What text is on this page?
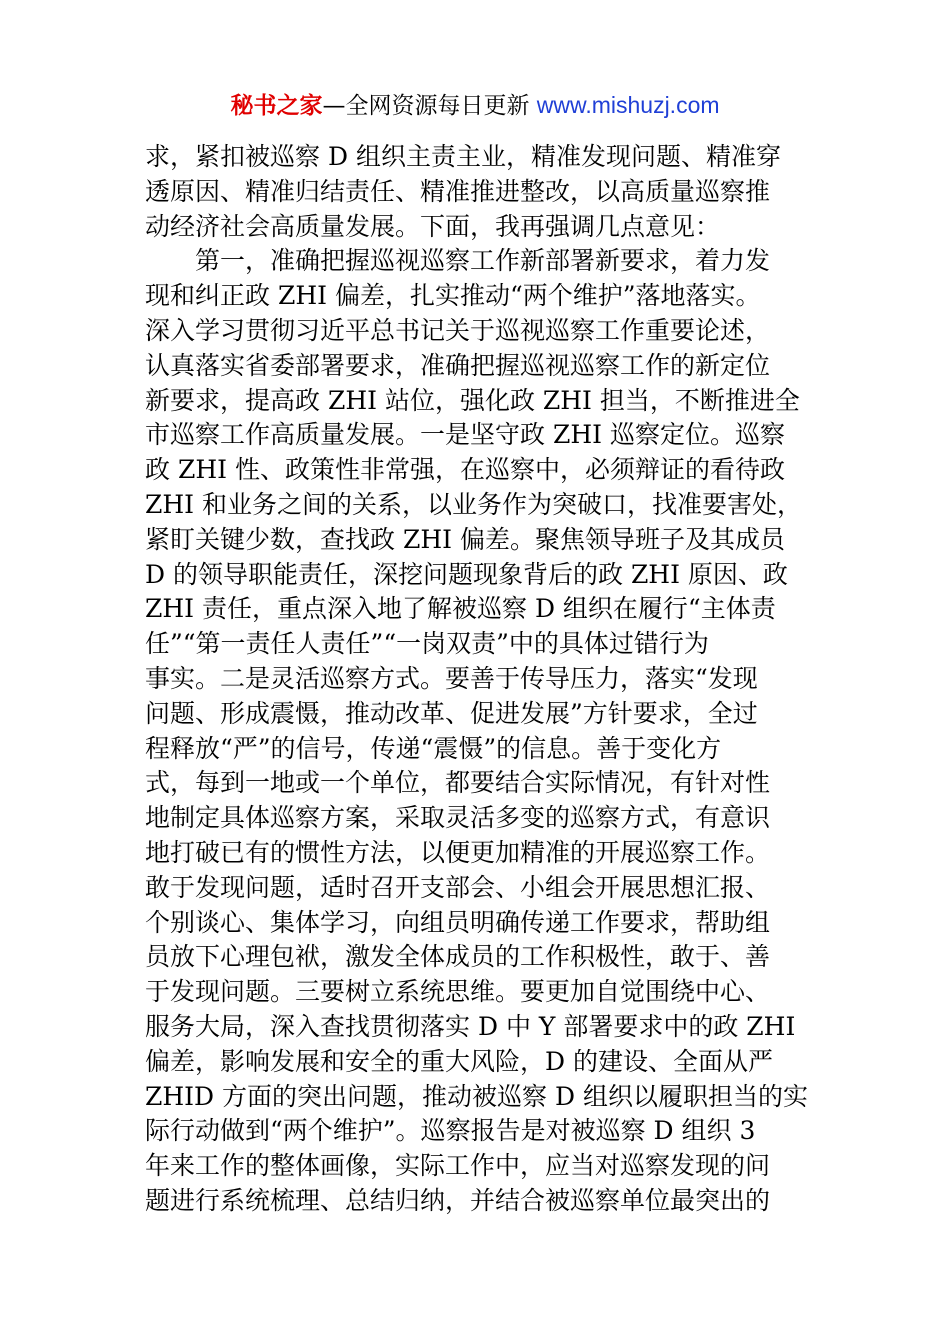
秘书之家—全网资源每日更新 www.mishuzj.com
求，紧扣被巡察 D 组织主责主业，精准发现问题、精准穿
透原因、精准归结责任、精准推进整改，以高质量巡察推
动经济社会高质量发展。下面，我再强调几点意见：
　　第一，准确把握巡视巡察工作新部署新要求，着力发
现和纠正政 ZHI 偏差，扎实推动“两个维护”落地落实。
深入学习贯彻习近平总书记关于巡视巡察工作重要论述，
认真落实省委部署要求，准确把握巡视巡察工作的新定位
新要求，提高政 ZHI 站位，强化政 ZHI 担当，不断推进全
市巡察工作高质量发展。一是坚守政 ZHI 巡察定位。巡察
政 ZHI 性、政策性非常强，在巡察中，必须辩证的看待政
ZHI 和业务之间的关系，以业务作为突破口，找准要害处，
紧盯关键少数，查找政 ZHI 偏差。聚焦领导班子及其成员
D 的领导职能责任，深挖问题现象背后的政 ZHI 原因、政
ZHI 责任，重点深入地了解被巡察 D 组织在履行“主体责
任”“第一责任人责任”“一岗双责”中的具体过错行为
事实。二是灵活巡察方式。要善于传导压力，落实“发现
问题、形成震慑，推动改革、促进发展”方针要求，全过
程释放“严”的信号，传递“震慑”的信息。善于变化方
式，每到一地或一个单位，都要结合实际情况，有针对性
地制定具体巡察方案，采取灵活多变的巡察方式，有意识
地打破已有的惯性方法，以便更加精准的开展巡察工作。
敢于发现问题，适时召开支部会、小组会开展思想汇报、
个别谈心、集体学习，向组员明确传递工作要求，帮助组
员放下心理包袱，激发全体成员的工作积极性，敢于、善
于发现问题。三要树立系统思维。要更加自觉围绕中心、
服务大局，深入查找贯彻落实 D 中 Y 部署要求中的政 ZHI
偏差，影响发展和安全的重大风险，D 的建设、全面从严
ZHID 方面的突出问题，推动被巡察 D 组织以履职担当的实
际行动做到“两个维护”。巡察报告是对被巡察 D 组织 3
年来工作的整体画像，实际工作中，应当对巡察发现的问
题进行系统梳理、总结归纳，并结合被巡察单位最突出的
